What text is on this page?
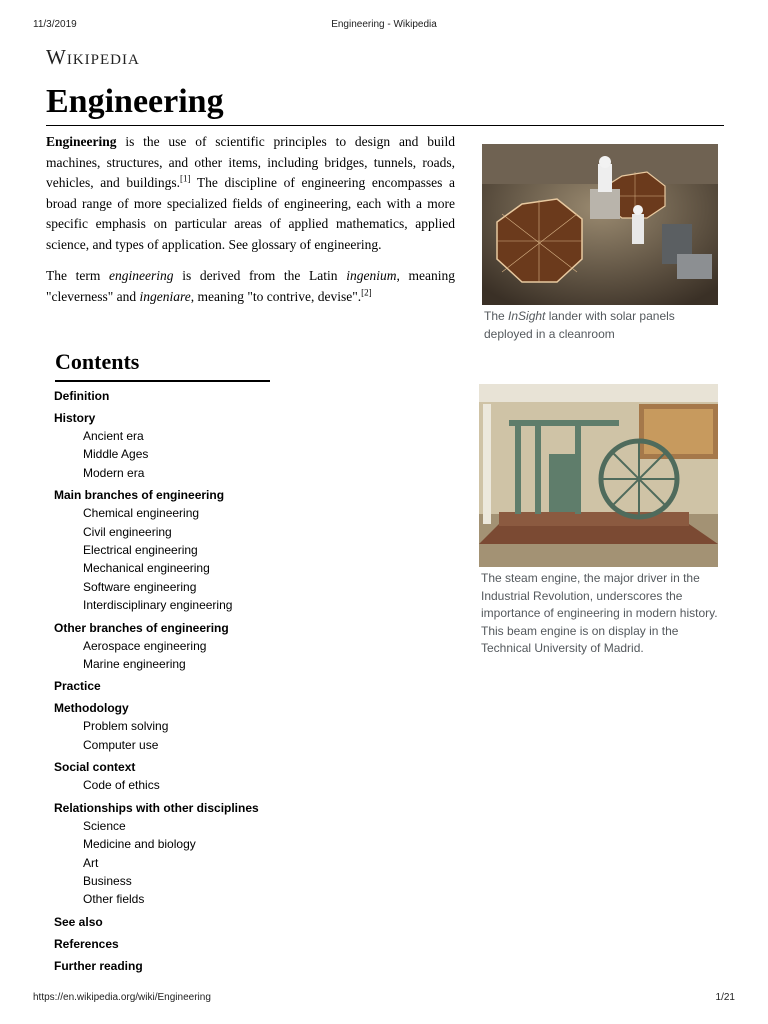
11/3/2019	Engineering - Wikipedia
Wikipedia
Engineering

Engineering is the use of scientific principles to design and build machines, structures, and other items, including bridges, tunnels, roads, vehicles, and buildings.[1] The discipline of engineering encompasses a broad range of more specialized fields of engineering, each with a more specific emphasis on particular areas of applied mathematics, applied science, and types of application. See glossary of engineering.

The term engineering is derived from the Latin ingenium, meaning "cleverness" and ingeniare, meaning "to contrive, devise".[2]

The InSight lander with solar panels deployed in a cleanroom
The steam engine, the major driver in the Industrial Revolution, underscores the importance of engineering in modern history. This beam engine is on display in the Technical University of Madrid.
Contents
Definition
History
Ancient era
Middle Ages
Modern era
Main branches of engineering
Chemical engineering
Civil engineering
Electrical engineering
Mechanical engineering
Software engineering
Interdisciplinary engineering
Other branches of engineering
Aerospace engineering
Marine engineering
Practice
Methodology
Problem solving
Computer use
Social context
Code of ethics
Relationships with other disciplines
Science
Medicine and biology
Art
Business
Other fields
See also
References
Further reading
https://en.wikipedia.org/wiki/Engineering	1/21
